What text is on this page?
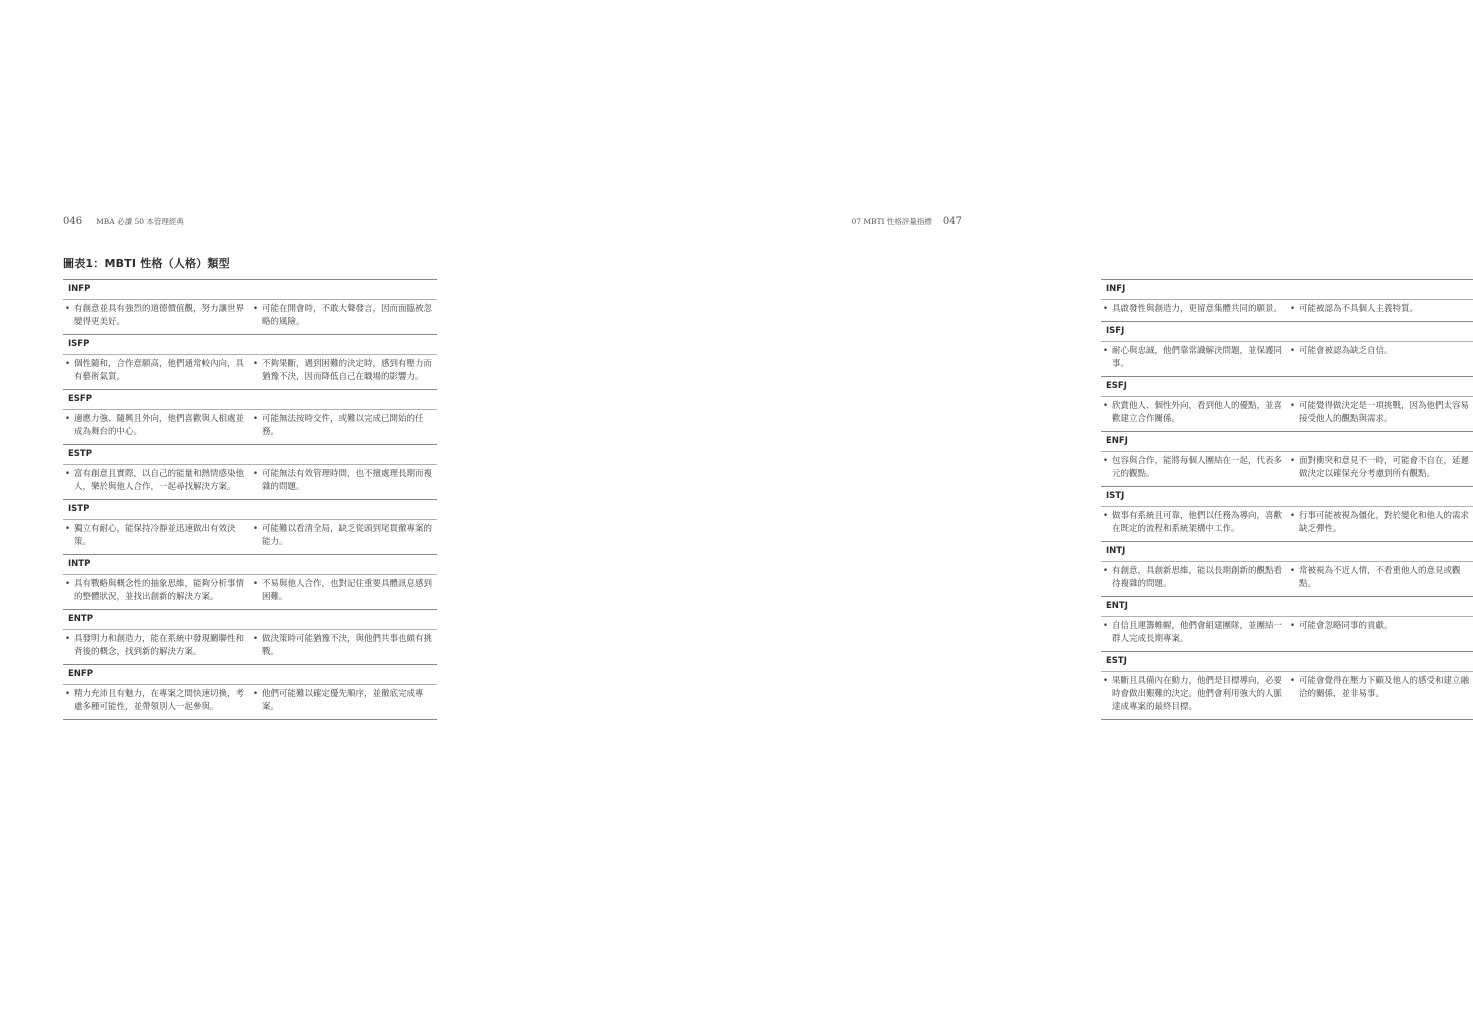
046 MBA 必讀 50 本管理經典
圖表1：MBTI 性格（人格）類型
INFP
• 有創意並具有強烈的道德價值觀，努力讓世界變得更美好。
• 可能在開會時，不敢大聲發言，因而面臨被忽略的風險。
ISFP
• 個性隨和，合作意願高，他們通常較內向，具有藝術氣質。
• 不夠果斷，遇到困難的決定時，感到有壓力而猶豫不決，因而降低自己在職場的影響力。
ESFP
• 適應力強、隨興且外向，他們喜歡與人相處並成為舞台的中心。
• 可能無法按時交件，或難以完成已開始的任務。
ESTP
• 富有創意且實際，以自己的能量和熱情感染他人，樂於與他人合作，一起尋找解決方案。
• 可能無法有效管理時間，也不擅處理長期而複雜的問題。
ISTP
• 獨立有耐心，能保持冷靜並迅速做出有效決策。
• 可能難以看清全局，缺乏從頭到尾貫徹專案的能力。
INTP
• 具有戰略與概念性的抽象思維，能夠分析事情的整體狀況，並找出創新的解決方案。
• 不易與他人合作，也對記住重要具體訊息感到困難。
ENTP
• 具發明力和創造力，能在系統中發現關聯性和背後的概念，找到新的解決方案。
• 做決策時可能猶豫不決，與他們共事也頗有挑戰。
ENFP
• 精力充沛且有魅力，在專案之間快速切換，考慮多種可能性，並帶領別人一起參與。
• 他們可能難以確定優先順序，並徹底完成專案。
07 MBTI 性格評量指標 047
INFJ
• 具啟發性與創造力，更留意集體共同的願景。
•	可能被認為不具個人主義特質。
ISFJ
• 耐心與忠誠，他們靠常識解決問題，並保護同事。
• 可能會被認為缺乏自信。
ESFJ
• 欣賞他人、個性外向，看到他人的優點，並喜歡建立合作關係。
• 可能覺得做決定是一項挑戰，因為他們太容易接受他人的觀點與需求。
ENFJ
• 包容與合作，能將每個人團結在一起，代表多元的觀點。
• 面對衝突和意見不一時，可能會不自在，延遲做決定以確保充分考慮到所有觀點。
ISTJ
• 做事有系統且可靠，他們以任務為導向，喜歡在既定的流程和系統架構中工作。
• 行事可能被視為僵化，對於變化和他人的需求缺乏彈性。
INTJ
• 有創意，具創新思維，能以長期創新的觀點看待複雜的問題。
• 常被視為不近人情，不看重他人的意見或觀點。
ENTJ
• 自信且運籌帷幄，他們會組建團隊，並團結一群人完成長期專案。
• 可能會忽略同事的貢獻。
ESTJ
• 果斷且具備內在動力，他們是目標導向，必要時會做出艱難的決定。他們會利用強大的人脈達成專案的最終目標。
• 可能會覺得在壓力下顧及他人的感受和建立融洽的關係，並非易事。
